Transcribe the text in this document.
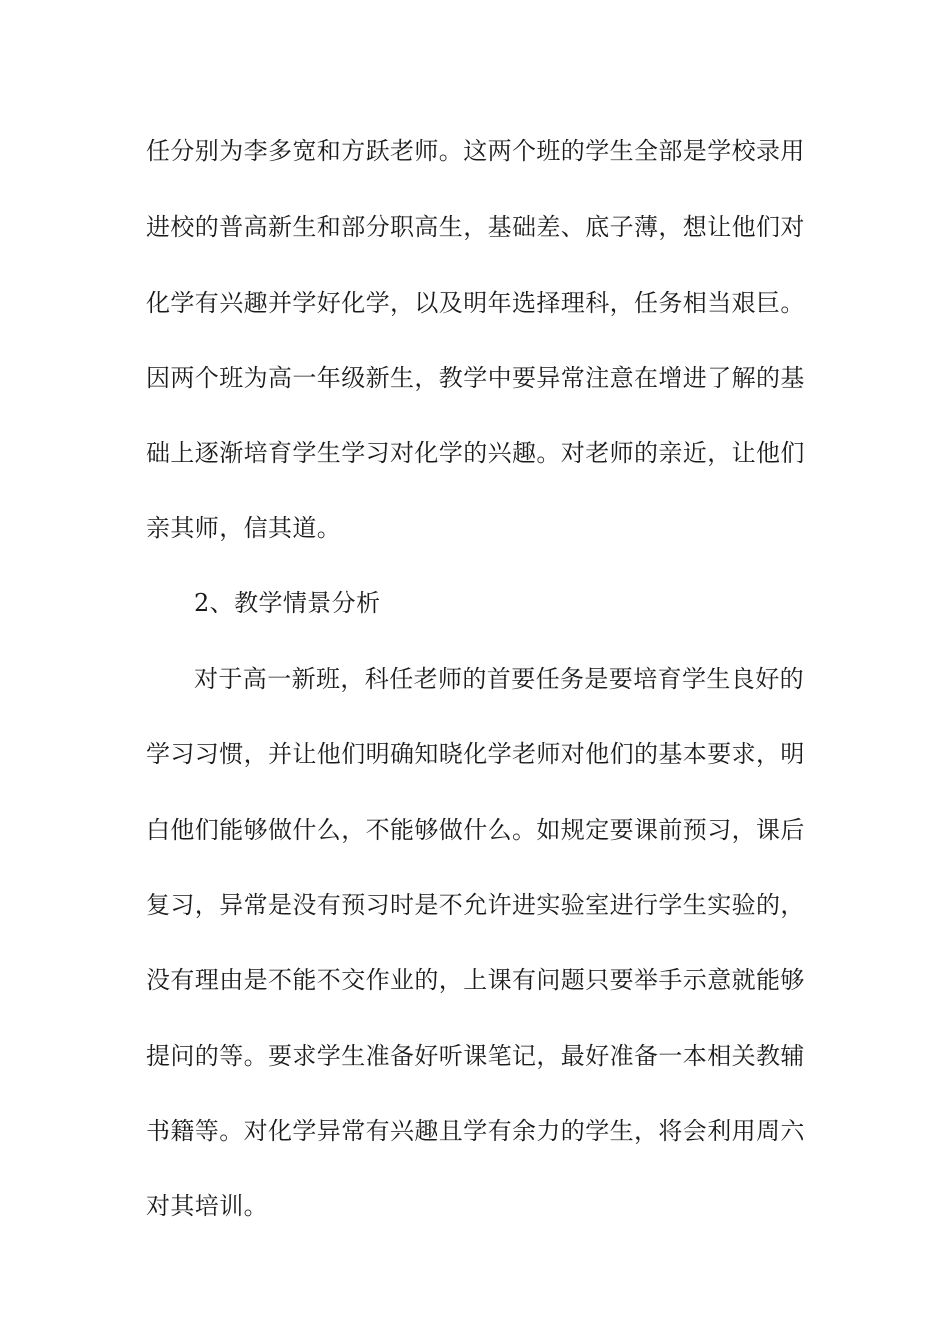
任分别为李多宽和方跃老师。这两个班的学生全部是学校录用
进校的普高新生和部分职高生，基础差、底子薄，想让他们对
化学有兴趣并学好化学，以及明年选择理科，任务相当艰巨。
因两个班为高一年级新生，教学中要异常注意在增进了解的基
础上逐渐培育学生学习对化学的兴趣。对老师的亲近，让他们
亲其师，信其道。
2、教学情景分析
对于高一新班，科任老师的首要任务是要培育学生良好的
学习习惯，并让他们明确知晓化学老师对他们的基本要求，明
白他们能够做什么，不能够做什么。如规定要课前预习，课后
复习，异常是没有预习时是不允许进实验室进行学生实验的，
没有理由是不能不交作业的，上课有问题只要举手示意就能够
提问的等。要求学生准备好听课笔记，最好准备一本相关教辅
书籍等。对化学异常有兴趣且学有余力的学生，将会利用周六
对其培训。
